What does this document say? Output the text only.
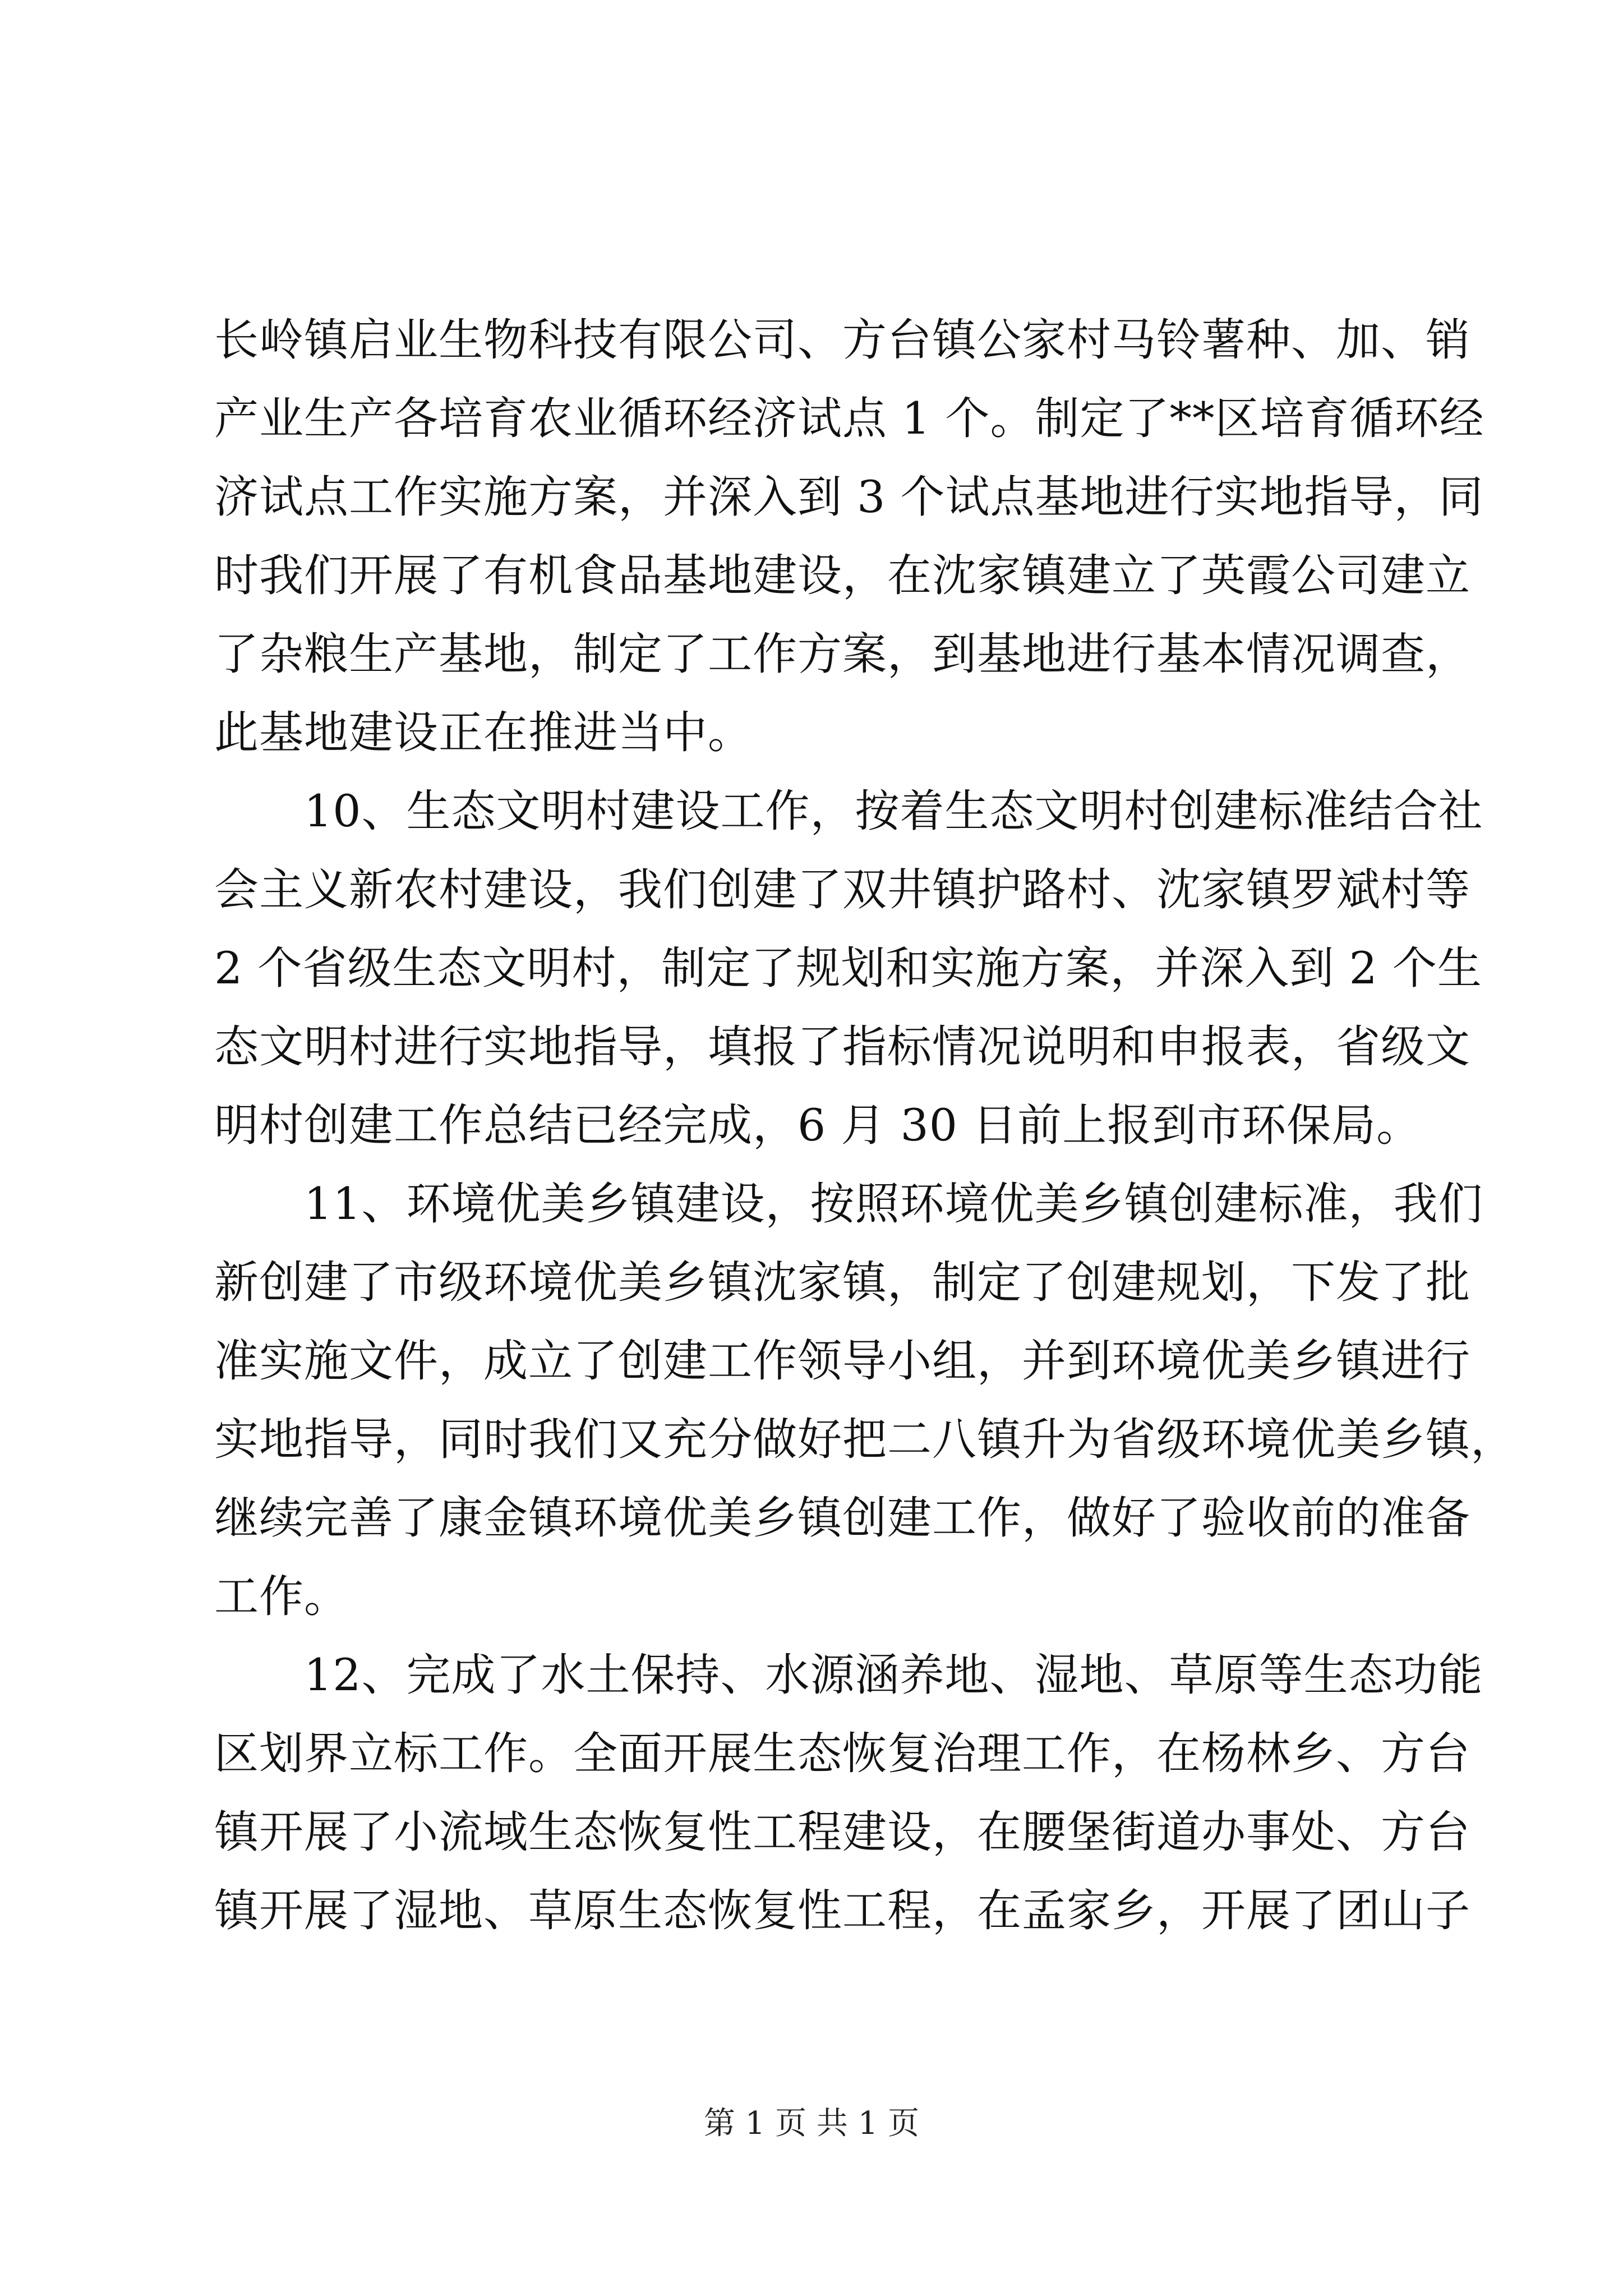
长岭镇启业生物科技有限公司、方台镇公家村马铃薯种、加、销
产业生产各培育农业循环经济试点 1 个。制定了**区培育循环经
济试点工作实施方案，并深入到 3 个试点基地进行实地指导，同
时我们开展了有机食品基地建设，在沈家镇建立了英霞公司建立
了杂粮生产基地，制定了工作方案，到基地进行基本情况调查，
此基地建设正在推进当中。
10、生态文明村建设工作，按着生态文明村创建标准结合社
会主义新农村建设，我们创建了双井镇护路村、沈家镇罗斌村等
2 个省级生态文明村，制定了规划和实施方案，并深入到 2 个生
态文明村进行实地指导，填报了指标情况说明和申报表，省级文
明村创建工作总结已经完成，6 月 30 日前上报到市环保局。
11、环境优美乡镇建设，按照环境优美乡镇创建标准，我们
新创建了市级环境优美乡镇沈家镇，制定了创建规划，下发了批
准实施文件，成立了创建工作领导小组，并到环境优美乡镇进行
实地指导，同时我们又充分做好把二八镇升为省级环境优美乡镇，
继续完善了康金镇环境优美乡镇创建工作，做好了验收前的准备
工作。
12、完成了水土保持、水源涵养地、湿地、草原等生态功能
区划界立标工作。全面开展生态恢复治理工作，在杨林乡、方台
镇开展了小流域生态恢复性工程建设，在腰堡街道办事处、方台
镇开展了湿地、草原生态恢复性工程，在孟家乡，开展了团山子
第 1 页 共 1 页
